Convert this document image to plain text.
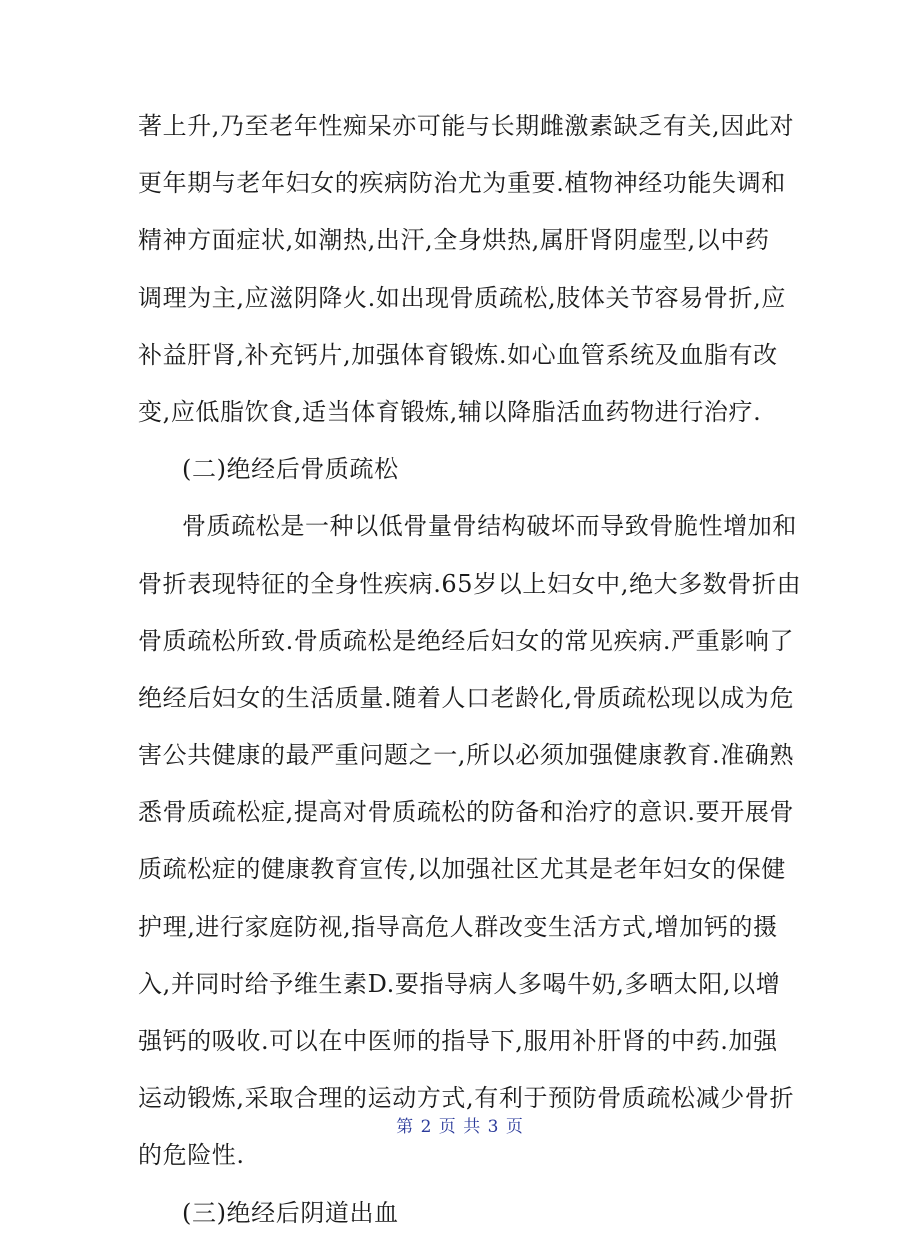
著上升,乃至老年性痴呆亦可能与长期雌激素缺乏有关,因此对
更年期与老年妇女的疾病防治尤为重要.植物神经功能失调和
精神方面症状,如潮热,出汗,全身烘热,属肝肾阴虚型,以中药
调理为主,应滋阴降火.如出现骨质疏松,肢体关节容易骨折,应
补益肝肾,补充钙片,加强体育锻炼.如心血管系统及血脂有改
变,应低脂饮食,适当体育锻炼,辅以降脂活血药物进行治疗.
(二)绝经后骨质疏松
骨质疏松是一种以低骨量骨结构破坏而导致骨脆性增加和
骨折表现特征的全身性疾病.65岁以上妇女中,绝大多数骨折由
骨质疏松所致.骨质疏松是绝经后妇女的常见疾病.严重影响了
绝经后妇女的生活质量.随着人口老龄化,骨质疏松现以成为危
害公共健康的最严重问题之一,所以必须加强健康教育.准确熟
悉骨质疏松症,提高对骨质疏松的防备和治疗的意识.要开展骨
质疏松症的健康教育宣传,以加强社区尤其是老年妇女的保健
护理,进行家庭防视,指导高危人群改变生活方式,增加钙的摄
入,并同时给予维生素D.要指导病人多喝牛奶,多晒太阳,以增
强钙的吸收.可以在中医师的指导下,服用补肝肾的中药.加强
运动锻炼,采取合理的运动方式,有利于预防骨质疏松减少骨折
的危险性.
(三)绝经后阴道出血
第 2 页 共 3 页
